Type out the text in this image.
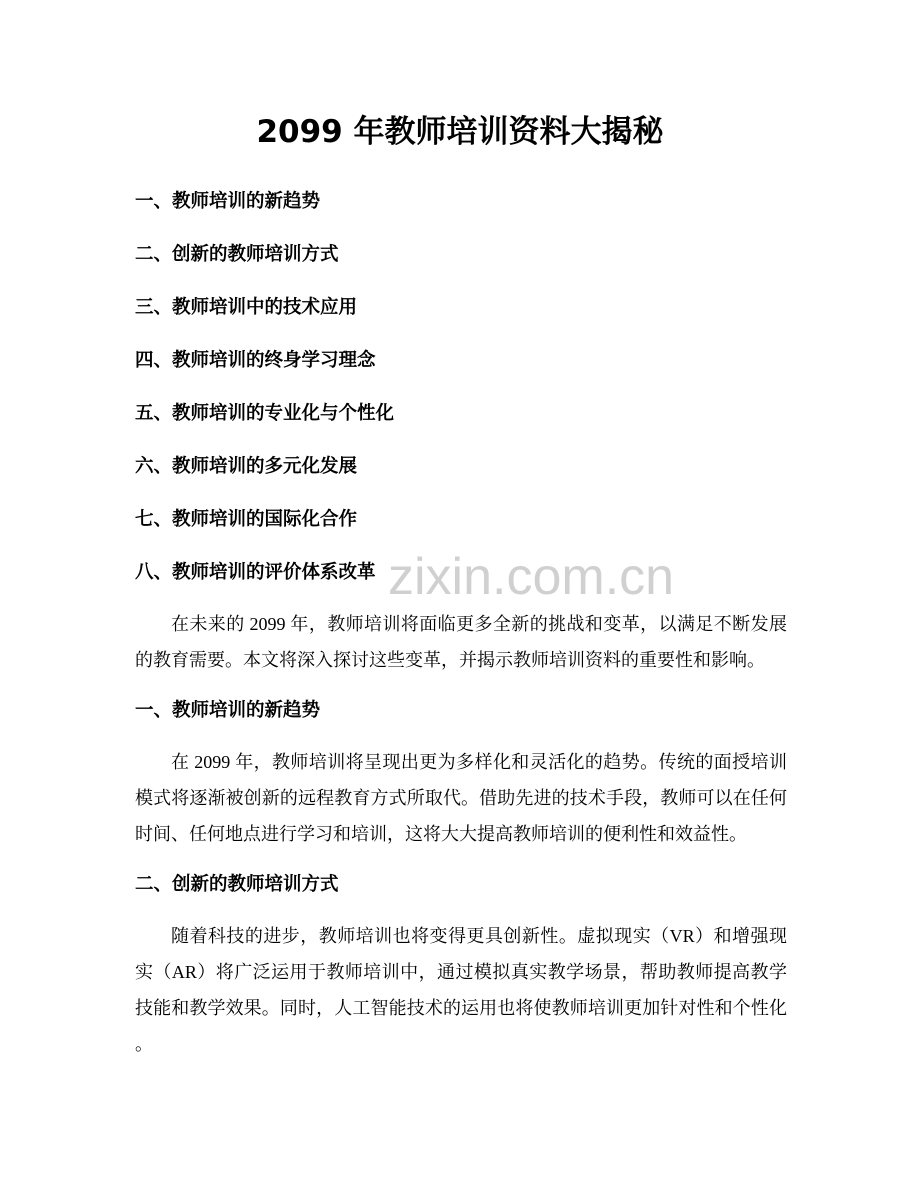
2099 年教师培训资料大揭秘
zixin.com.cn
一、教师培训的新趋势
二、创新的教师培训方式
三、教师培训中的技术应用
四、教师培训的终身学习理念
五、教师培训的专业化与个性化
六、教师培训的多元化发展
七、教师培训的国际化合作
八、教师培训的评价体系改革
在未来的 2099 年，教师培训将面临更多全新的挑战和变革，以满足不断发展
的教育需要。本文将深入探讨这些变革，并揭示教师培训资料的重要性和影响。
一、教师培训的新趋势
在 2099 年，教师培训将呈现出更为多样化和灵活化的趋势。传统的面授培训
模式将逐渐被创新的远程教育方式所取代。借助先进的技术手段，教师可以在任何
时间、任何地点进行学习和培训，这将大大提高教师培训的便利性和效益性。
二、创新的教师培训方式
随着科技的进步，教师培训也将变得更具创新性。虚拟现实（VR）和增强现
实（AR）将广泛运用于教师培训中，通过模拟真实教学场景，帮助教师提高教学
技能和教学效果。同时，人工智能技术的运用也将使教师培训更加针对性和个性化
。
